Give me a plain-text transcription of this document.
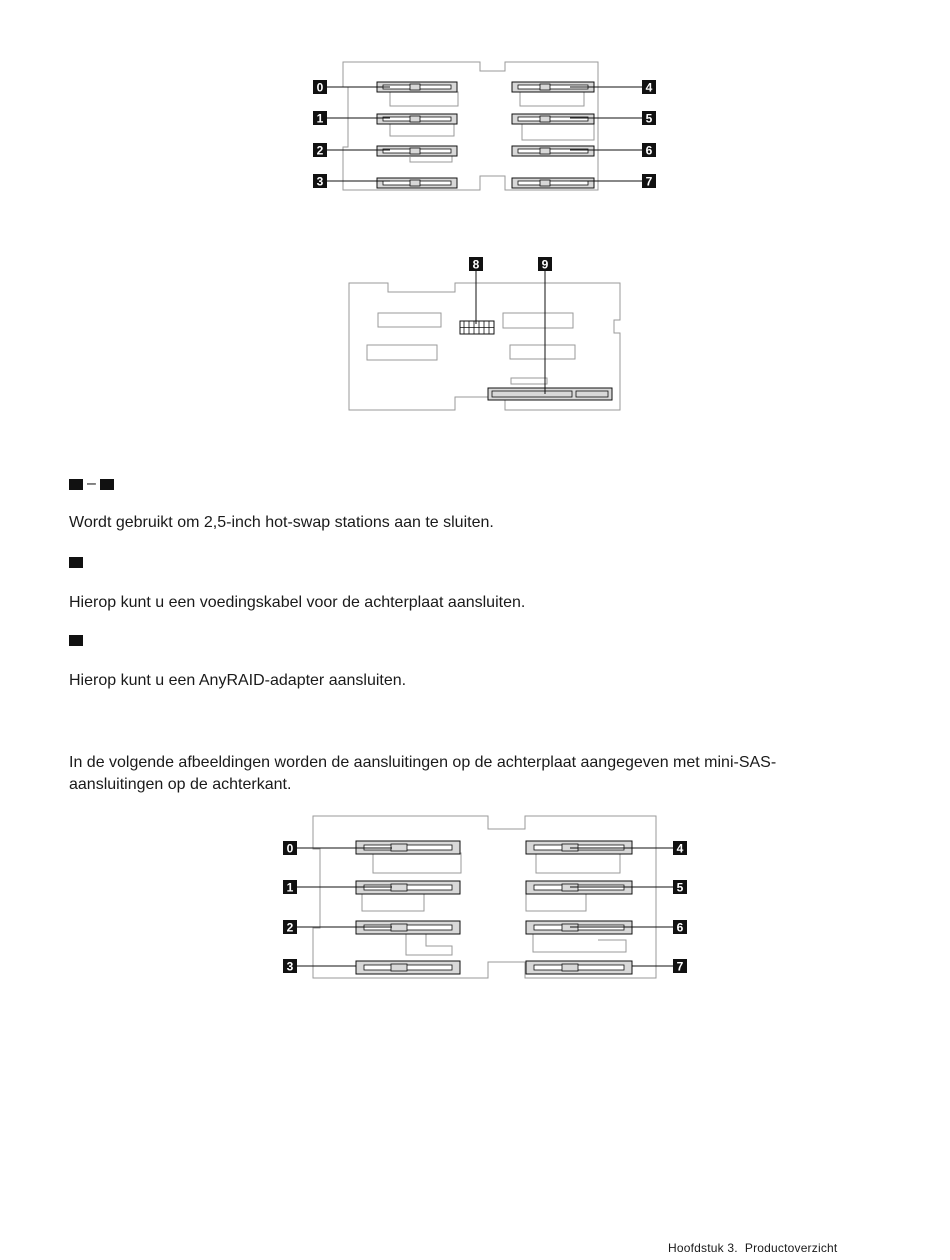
0
1
2
3
4
5
6
7
8	9
0
1
2
3
4
5
6
7
–

Wordt gebruikt om 2,5-inch hot-swap stations aan te sluiten.

Hierop kunt u een voedingskabel voor de achterplaat aansluiten.

Hierop kunt u een AnyRAID-adapter aansluiten.

In de volgende afbeeldingen worden de aansluitingen op de achterplaat aangegeven met mini-SAS-aansluitingen op de achterkant.

Hoofdstuk 3. Productoverzicht
